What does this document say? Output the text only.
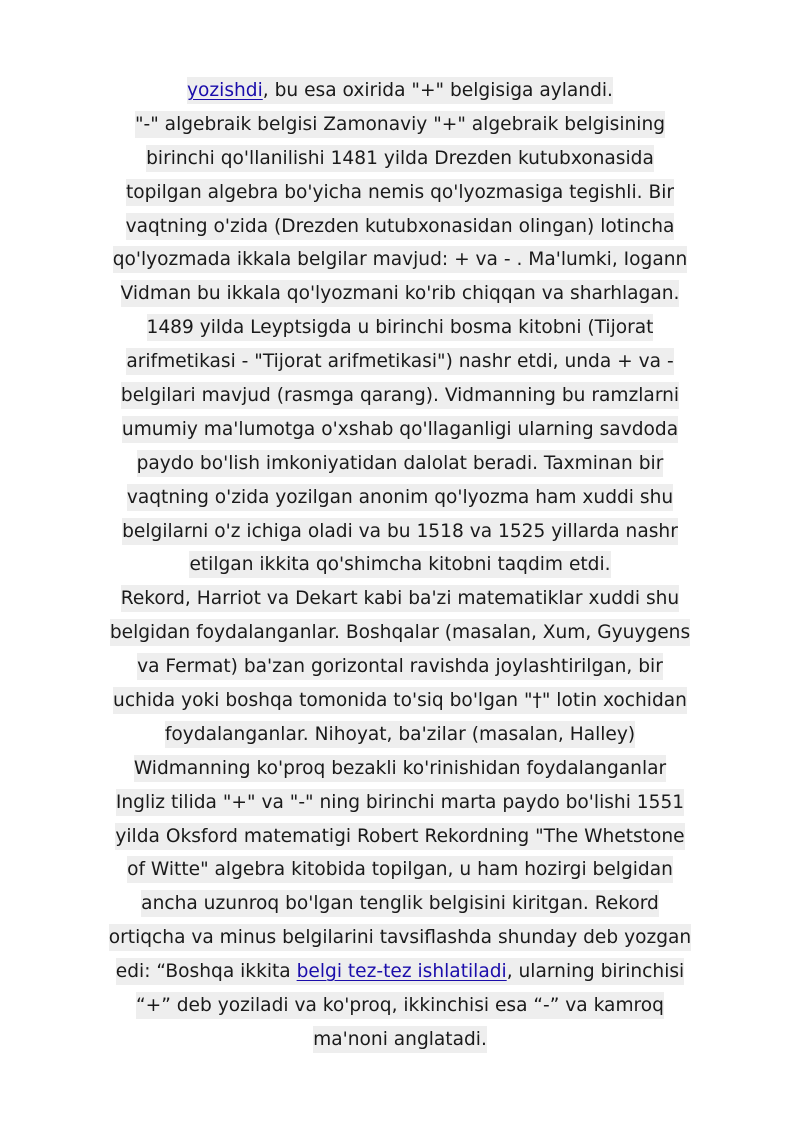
yozishdi, bu esa oxirida "+" belgisiga aylandi.
"-" algebraik belgisi Zamonaviy "+" algebraik belgisining
birinchi qo'llanilishi 1481 yilda Drezden kutubxonasida
topilgan algebra bo'yicha nemis qo'lyozmasiga tegishli. Bir
vaqtning o'zida (Drezden kutubxonasidan olingan) lotincha
qo'lyozmada ikkala belgilar mavjud: + va - . Ma'lumki, Iogann
Vidman bu ikkala qo'lyozmani ko'rib chiqqan va sharhlagan.
1489 yilda Leyptsigda u birinchi bosma kitobni (Tijorat
arifmetikasi - "Tijorat arifmetikasi") nashr etdi, unda + va -
belgilari mavjud (rasmga qarang). Vidmanning bu ramzlarni
umumiy ma'lumotga o'xshab qo'llaganligi ularning savdoda
paydo bo'lish imkoniyatidan dalolat beradi. Taxminan bir
vaqtning o'zida yozilgan anonim qo'lyozma ham xuddi shu
belgilarni o'z ichiga oladi va bu 1518 va 1525 yillarda nashr
etilgan ikkita qo'shimcha kitobni taqdim etdi.
Rekord, Harriot va Dekart kabi ba'zi matematiklar xuddi shu
belgidan foydalanganlar. Boshqalar (masalan, Xum, Gyuygens
va Fermat) ba'zan gorizontal ravishda joylashtirilgan, bir
uchida yoki boshqa tomonida to'siq bo'lgan "†" lotin xochidan
foydalanganlar. Nihoyat, ba'zilar (masalan, Halley)
Widmanning ko'proq bezakli ko'rinishidan foydalanganlar
Ingliz tilida "+" va "-" ning birinchi marta paydo bo'lishi 1551
yilda Oksford matematigi Robert Rekordning "The Whetstone
of Witte" algebra kitobida topilgan, u ham hozirgi belgidan
ancha uzunroq bo'lgan tenglik belgisini kiritgan. Rekord
ortiqcha va minus belgilarini tavsiflashda shunday deb yozgan
edi: “Boshqa ikkita belgi tez-tez ishlatiladi, ularning birinchisi
“+” deb yoziladi va ko'proq, ikkinchisi esa “-” va kamroq
ma'noni anglatadi.
